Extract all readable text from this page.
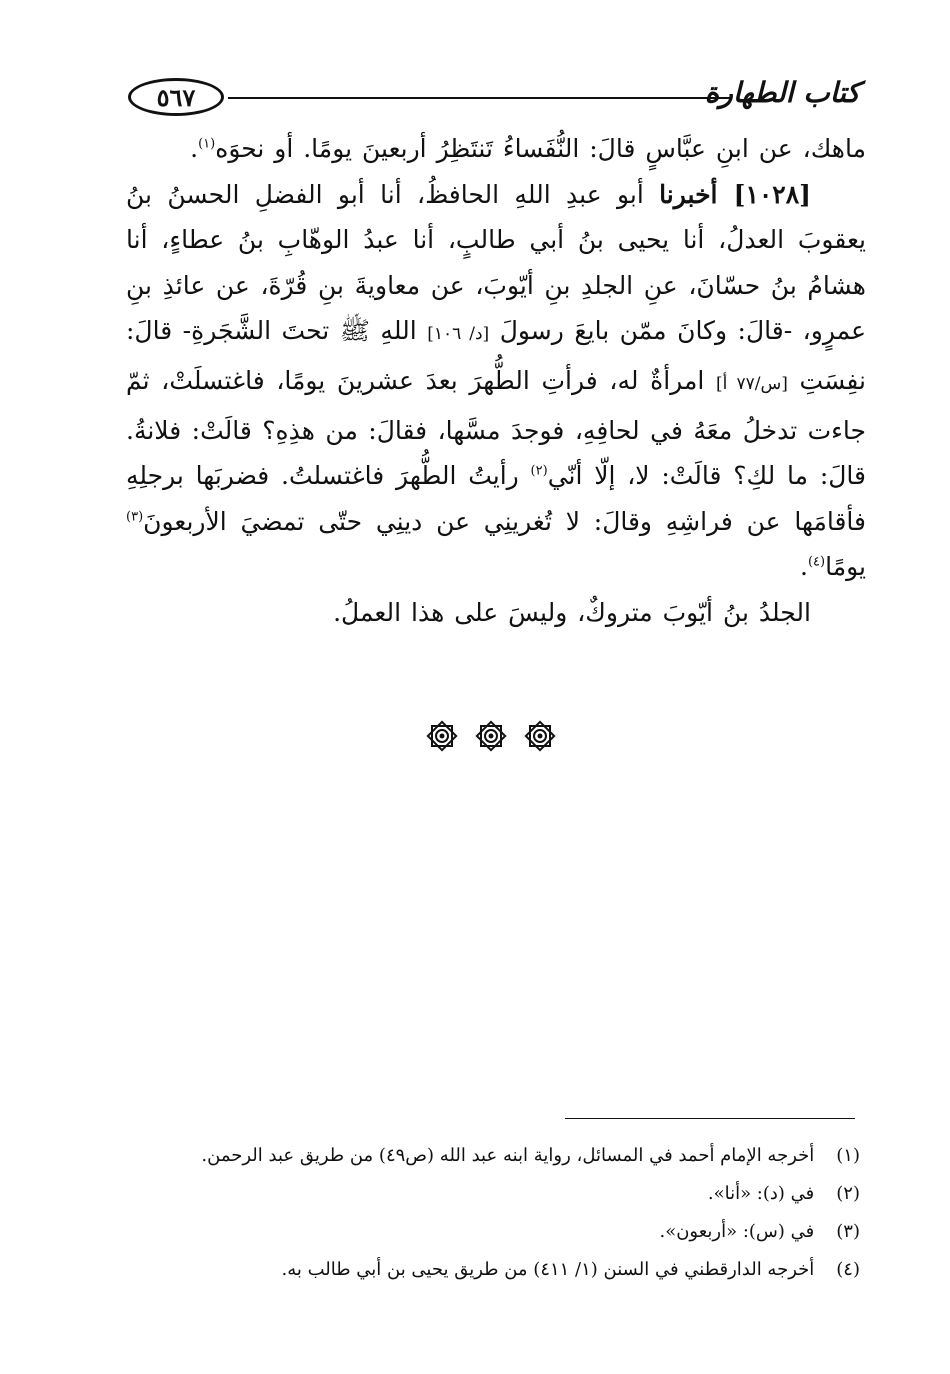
٥٦٧	كتاب الطهارة

ماهك، عن ابنِ عبَّاسٍ قالَ: النُّفَساءُ تَنتَظِرُ أربعينَ يومًا. أو نحوَه$^{(١)}$.

[١٠٢٨] أخبرنا أبو عبدِ اللهِ الحافظُ، أنا أبو الفضلِ الحسنُ بنُ يعقوبَ العدلُ، أنا يحيى بنُ أبي طالبٍ، أنا عبدُ الوهّابِ بنُ عطاءٍ، أنا هشامُ بنُ حسّانَ، عنِ الجلدِ بنِ أيّوبَ، عن معاويةَ بنِ قُرّةَ، عن عائذِ بنِ عمرٍو، -قالَ: وكانَ ممّن بايعَ رسولَ [د/ ١٠٦] اللهِ ﷺ تحتَ الشَّجَرةِ- قالَ: نفِسَتِ [س/٧٧ أ] امرأةٌ له، فرأتِ الطُّهرَ بعدَ عشرينَ يومًا، فاغتسلَتْ، ثمّ جاءت تدخلُ معَهُ في لحافِهِ، فوجدَ مسَّها، فقالَ: من هذِهِ؟ قالَتْ: فلانةُ. قالَ: ما لكِ؟ قالَتْ: لا، إلّا أنّي$^{(٢)}$ رأيتُ الطُّهرَ فاغتسلتُ. فضربَها برجلِهِ فأقامَها عن فراشِهِ وقالَ: لا تُغرينِي عن دينِي حتّى تمضيَ الأربعونَ$^{(٣)}$ يومًا$^{(٤)}$.

الجلدُ بنُ أيّوبَ متروكٌ، وليسَ على هذا العملُ.

(١) أخرجه الإمام أحمد في المسائل، رواية ابنه عبد الله (ص٤٩) من طريق عبد الرحمن.
(٢) في (د): «أنا».
(٣) في (س): «أربعون».
(٤) أخرجه الدارقطني في السنن (١/ ٤١١) من طريق يحيى بن أبي طالب به.
